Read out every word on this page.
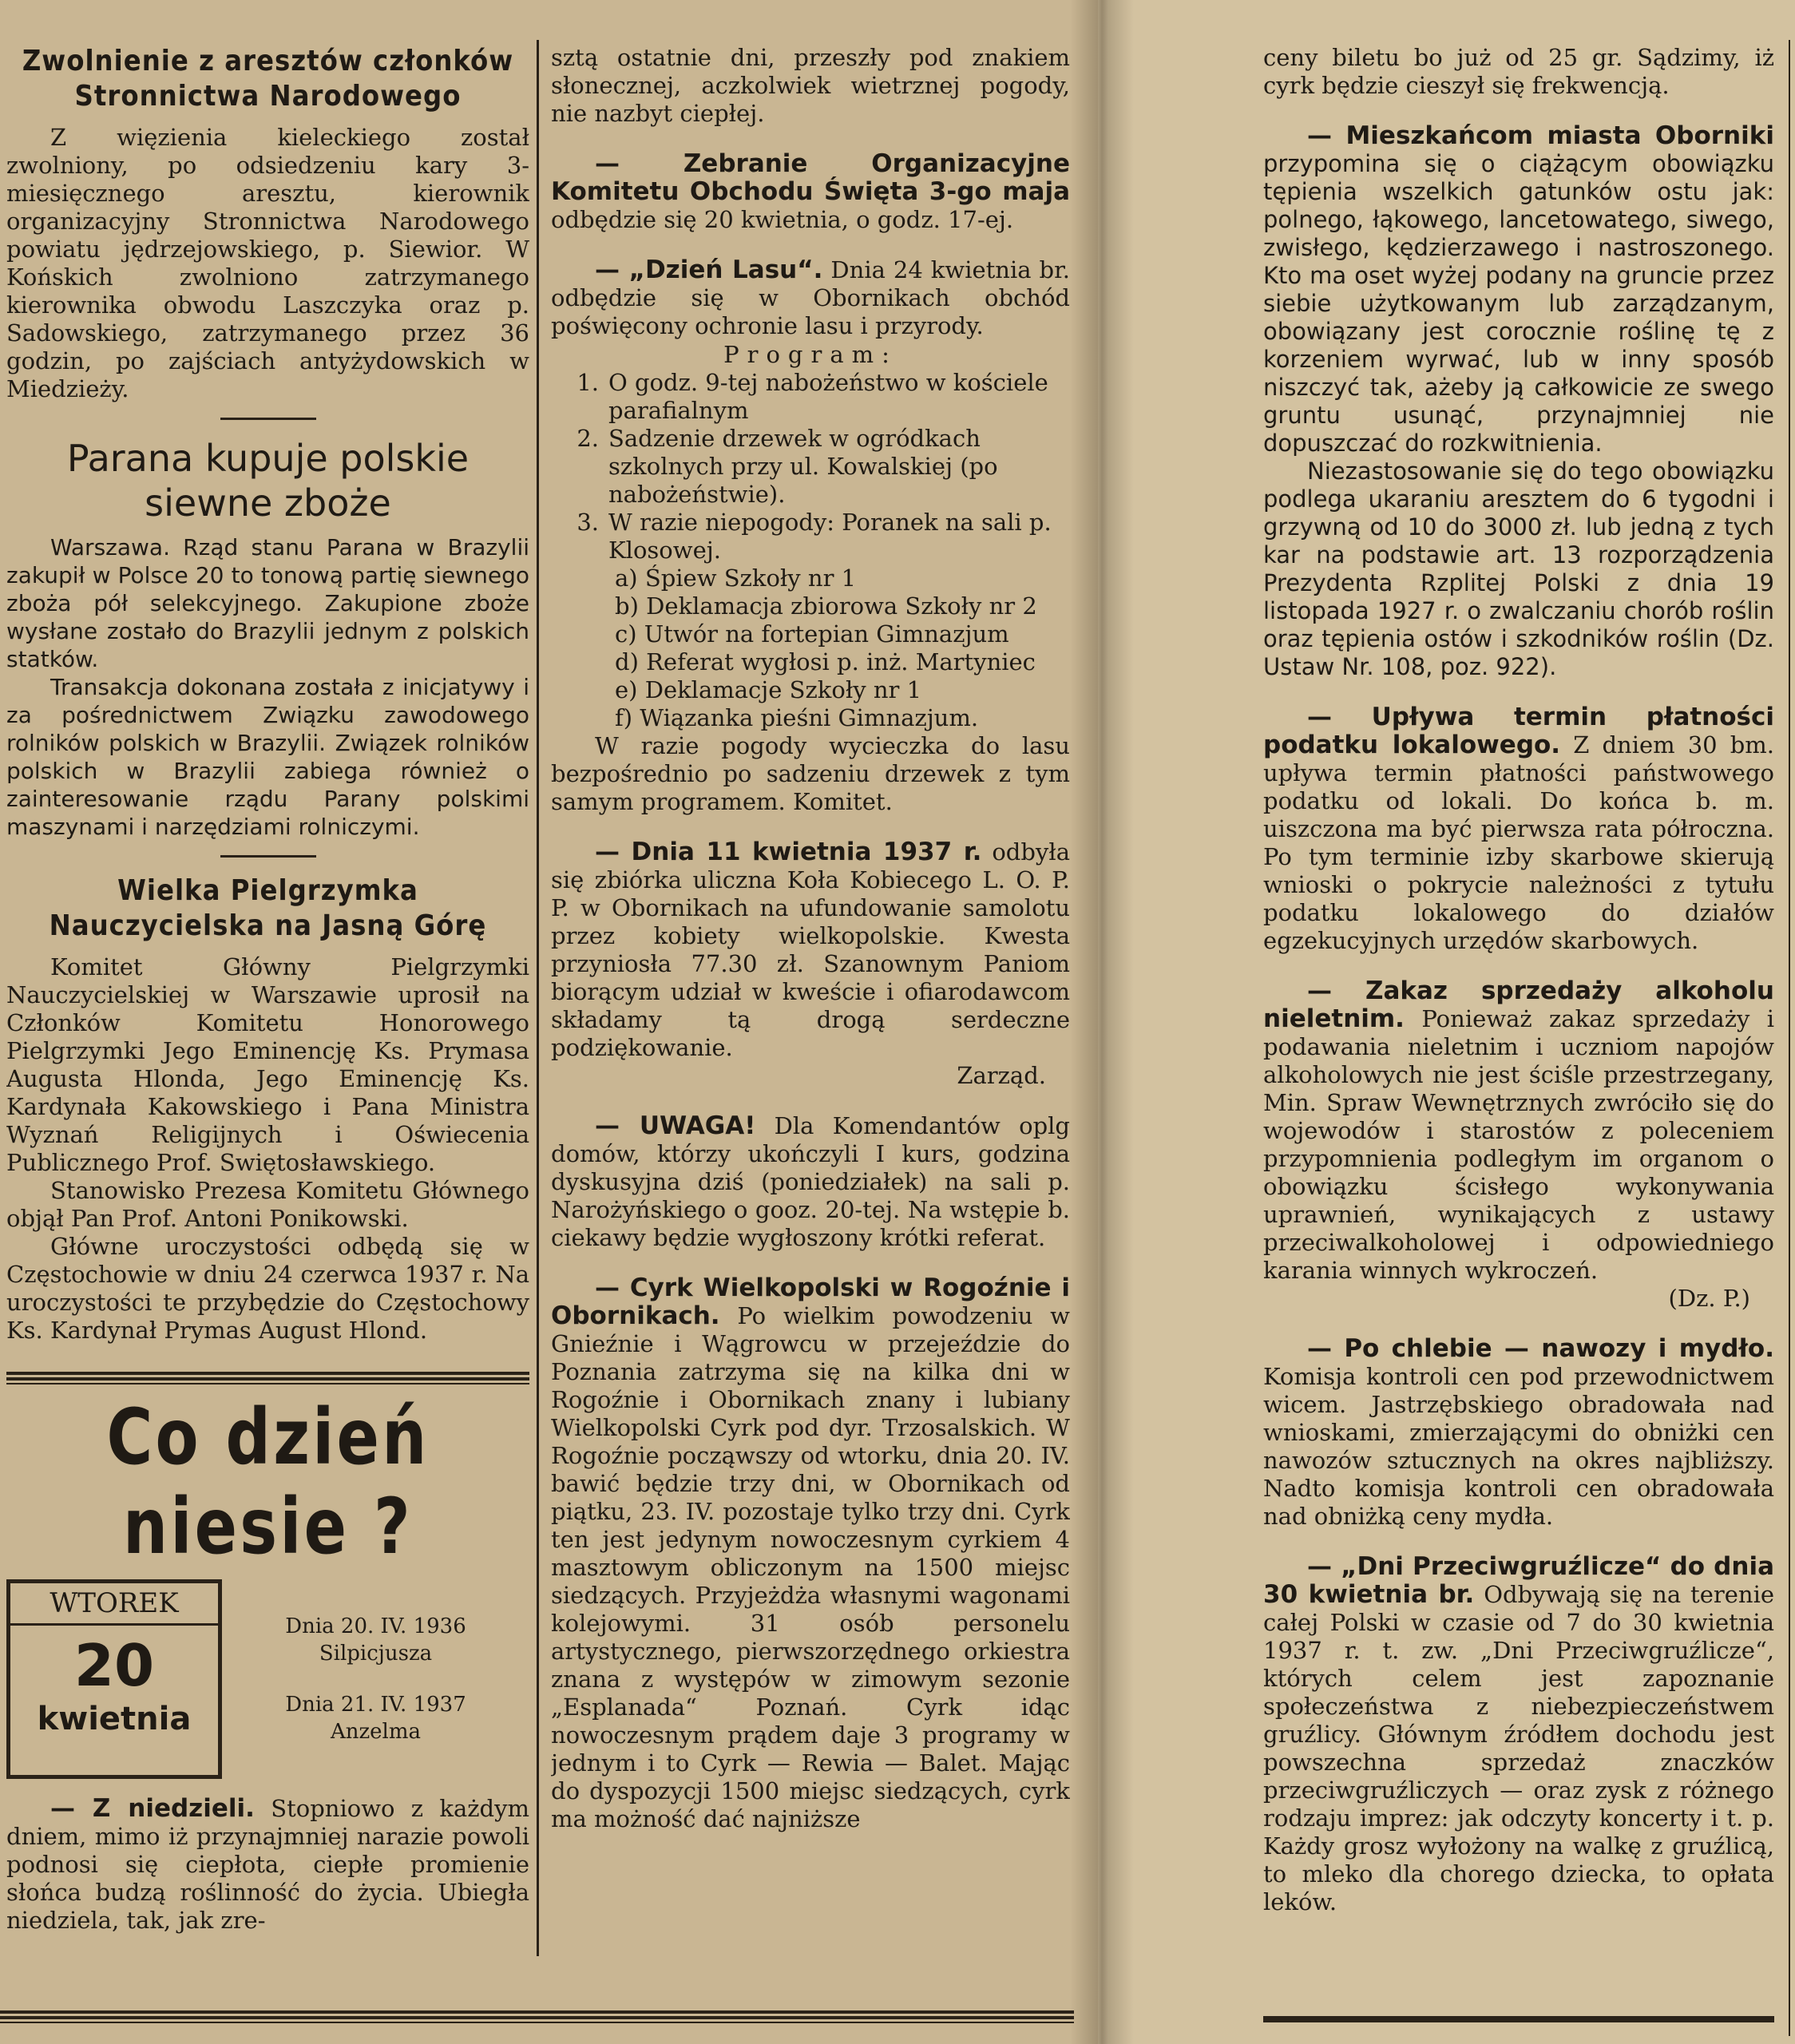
Zwolnienie z aresztów członków Stronnictwa Narodowego

Z więzienia kieleckiego został zwolniony, po odsiedzeniu kary 3-miesięcznego aresztu, kierownik organizacyjny Stronnictwa Narodowego powiatu jędrzejowskiego, p. Siewior. W Końskich zwolniono zatrzymanego kierownika obwodu Laszczyka oraz p. Sadowskiego, zatrzymanego przez 36 godzin, po zajściach antyżydowskich w Miedzieży.

Parana kupuje polskie siewne zboże

Warszawa. Rząd stanu Parana w Brazylii zakupił w Polsce 20 to tonową partię siewnego zboża pół selekcyjnego. Zakupione zboże wysłane zostało do Brazylii jednym z polskich statków.

Transakcja dokonana została z inicjatywy i za pośrednictwem Związku zawodowego rolników polskich w Brazylii. Związek rolników polskich w Brazylii zabiega również o zainteresowanie rządu Parany polskimi maszynami i narzędziami rolniczymi.

Wielka Pielgrzymka Nauczycielska na Jasną Górę

Komitet Główny Pielgrzymki Nauczycielskiej w Warszawie uprosił na Członków Komitetu Honorowego Pielgrzymki Jego Eminencję Ks. Prymasa Augusta Hlonda, Jego Eminencję Ks. Kardynała Kakowskiego i Pana Ministra Wyznań Religijnych i Oświecenia Publicznego Prof. Swiętosławskiego.

Stanowisko Prezesa Komitetu Głównego objął Pan Prof. Antoni Ponikowski.

Główne uroczystości odbędą się w Częstochowie w dniu 24 czerwca 1937 r. Na uroczystości te przybędzie do Częstochowy Ks. Kardynał Prymas August Hlond.

Co dzień niesie ?
WTOREK
20
kwietnia
Dnia 20. IV. 1936
Silpicjusza
Dnia 21. IV. 1937
Anzelma

— Z niedzieli. Stopniowo z każdym dniem, mimo iż przynajmniej narazie powoli podnosi się ciepłota, ciepłe promienie słońca budzą roślinność do życia. Ubiegła niedziela, tak, jak zre-

sztą ostatnie dni, przeszły pod znakiem słonecznej, aczkolwiek wietrznej pogody, nie nazbyt ciepłej.

— Zebranie Organizacyjne Komitetu Obchodu Święta 3-go maja odbędzie się 20 kwietnia, o godz. 17-ej.

— „Dzień Lasu“. Dnia 24 kwietnia br. odbędzie się w Obornikach obchód poświęcony ochronie lasu i przyrody.

Program:
1. O godz. 9-tej nabożeństwo w kościele parafialnym
2. Sadzenie drzewek w ogródkach szkolnych przy ul. Kowalskiej (po nabożeństwie).
3. W razie niepogody: Poranek na sali p. Klosowej.
a) Śpiew Szkoły nr 1
b) Deklamacja zbiorowa Szkoły nr 2
c) Utwór na fortepian Gimnazjum
d) Referat wygłosi p. inż. Martyniec
e) Deklamacje Szkoły nr 1
f) Wiązanka pieśni Gimnazjum.

W razie pogody wycieczka do lasu bezpośrednio po sadzeniu drzewek z tym samym programem. Komitet.

— Dnia 11 kwietnia 1937 r. odbyła się zbiórka uliczna Koła Kobiecego L. O. P. P. w Obornikach na ufundowanie samolotu przez kobiety wielkopolskie. Kwesta przyniosła 77.30 zł. Szanownym Paniom biorącym udział w kweście i ofiarodawcom składamy tą drogą serdeczne podziękowanie.

Zarząd.

— UWAGA! Dla Komendantów oplg domów, którzy ukończyli I kurs, godzina dyskusyjna dziś (poniedziałek) na sali p. Narożyńskiego o gooz. 20-tej. Na wstępie b. ciekawy będzie wygłoszony krótki referat.

— Cyrk Wielkopolski w Rogoźnie i Obornikach. Po wielkim powodzeniu w Gnieźnie i Wągrowcu w przejeździe do Poznania zatrzyma się na kilka dni w Rogoźnie i Obornikach znany i lubiany Wielkopolski Cyrk pod dyr. Trzosalskich. W Rogoźnie począwszy od wtorku, dnia 20. IV. bawić będzie trzy dni, w Obornikach od piątku, 23. IV. pozostaje tylko trzy dni. Cyrk ten jest jedynym nowoczesnym cyrkiem 4 masztowym obliczonym na 1500 miejsc siedzących. Przyjeżdża własnymi wagonami kolejowymi. 31 osób personelu artystycznego, pierwszorzędnego orkiestra znana z występów w zimowym sezonie „Esplanada“ Poznań. Cyrk idąc nowoczesnym prądem daje 3 programy w jednym i to Cyrk — Rewia — Balet. Mając do dyspozycji 1500 miejsc siedzących, cyrk ma możność dać najniższe

ceny biletu bo już od 25 gr. Sądzimy, iż cyrk będzie cieszył się frekwencją.

— Mieszkańcom miasta Oborniki przypomina się o ciążącym obowiązku tępienia wszelkich gatunków ostu jak: polnego, łąkowego, lancetowatego, siwego, zwisłego, kędzierzawego i nastroszonego. Kto ma oset wyżej podany na gruncie przez siebie użytkowanym lub zarządzanym, obowiązany jest corocznie roślinę tę z korzeniem wyrwać, lub w inny sposób niszczyć tak, ażeby ją całkowicie ze swego gruntu usunąć, przynajmniej nie dopuszczać do rozkwitnienia.

Niezastosowanie się do tego obowiązku podlega ukaraniu aresztem do 6 tygodni i grzywną od 10 do 3000 zł. lub jedną z tych kar na podstawie art. 13 rozporządzenia Prezydenta Rzplitej Polski z dnia 19 listopada 1927 r. o zwalczaniu chorób roślin oraz tępienia ostów i szkodników roślin (Dz. Ustaw Nr. 108, poz. 922).

— Upływa termin płatności podatku lokalowego. Z dniem 30 bm. upływa termin płatności państwowego podatku od lokali. Do końca b. m. uiszczona ma być pierwsza rata półroczna. Po tym terminie izby skarbowe skierują wnioski o pokrycie należności z tytułu podatku lokalowego do działów egzekucyjnych urzędów skarbowych.

— Zakaz sprzedaży alkoholu nieletnim. Ponieważ zakaz sprzedaży i podawania nieletnim i uczniom napojów alkoholowych nie jest ściśle przestrzegany, Min. Spraw Wewnętrznych zwróciło się do wojewodów i starostów z poleceniem przypomnienia podległym im organom o obowiązku ścisłego wykonywania uprawnień, wynikających z ustawy przeciwalkoholowej i odpowiedniego karania winnych wykroczeń.

(Dz. P.)

— Po chlebie — nawozy i mydło. Komisja kontroli cen pod przewodnictwem wicem. Jastrzębskiego obradowała nad wnioskami, zmierzającymi do obniżki cen nawozów sztucznych na okres najbliższy. Nadto komisja kontroli cen obradowała nad obniżką ceny mydła.

— „Dni Przeciwgruźlicze“ do dnia 30 kwietnia br. Odbywają się na terenie całej Polski w czasie od 7 do 30 kwietnia 1937 r. t. zw. „Dni Przeciwgruźlicze“, których celem jest zapoznanie społeczeństwa z niebezpieczeństwem gruźlicy. Głównym źródłem dochodu jest powszechna sprzedaż znaczków przeciwgruźliczych — oraz zysk z różnego rodzaju imprez: jak odczyty koncerty i t. p. Każdy grosz wyłożony na walkę z gruźlicą, to mleko dla chorego dziecka, to opłata leków.
